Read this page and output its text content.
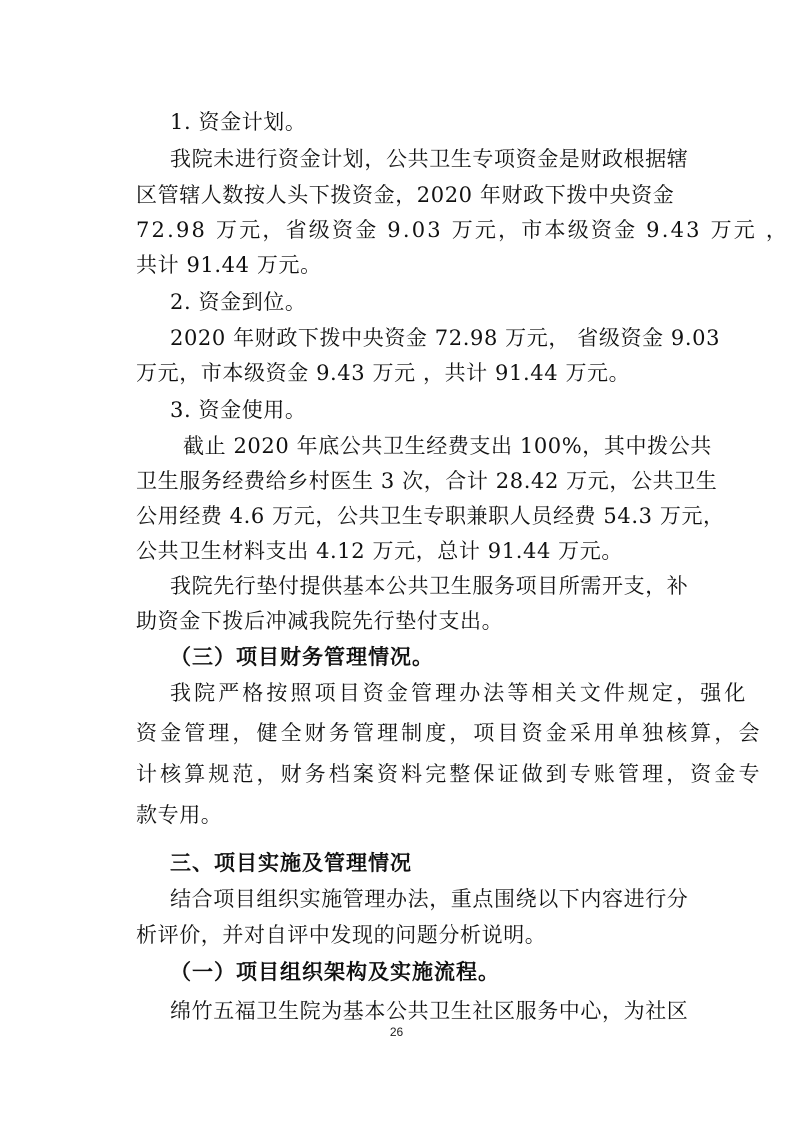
1. 资金计划。
我院未进行资金计划，公共卫生专项资金是财政根据辖
区管辖人数按人头下拨资金，2020 年财政下拨中央资金
72.98 万元，省级资金 9.03 万元，市本级资金 9.43 万元 ，
共计 91.44 万元。
2. 资金到位。
2020 年财政下拨中央资金 72.98 万元， 省级资金 9.03
万元，市本级资金 9.43 万元 ，共计 91.44 万元。
3. 资金使用。
截止 2020 年底公共卫生经费支出 100%，其中拨公共
卫生服务经费给乡村医生 3 次，合计 28.42 万元，公共卫生
公用经费 4.6 万元，公共卫生专职兼职人员经费 54.3 万元，
公共卫生材料支出 4.12 万元，总计 91.44 万元。
我院先行垫付提供基本公共卫生服务项目所需开支，补
助资金下拨后冲减我院先行垫付支出。
（三）项目财务管理情况。
我院严格按照项目资金管理办法等相关文件规定，强化
资金管理，健全财务管理制度，项目资金采用单独核算，会
计核算规范，财务档案资料完整保证做到专账管理，资金专
款专用。
三、项目实施及管理情况
结合项目组织实施管理办法，重点围绕以下内容进行分
析评价，并对自评中发现的问题分析说明。
（一）项目组织架构及实施流程。
绵竹五福卫生院为基本公共卫生社区服务中心，为社区
26
